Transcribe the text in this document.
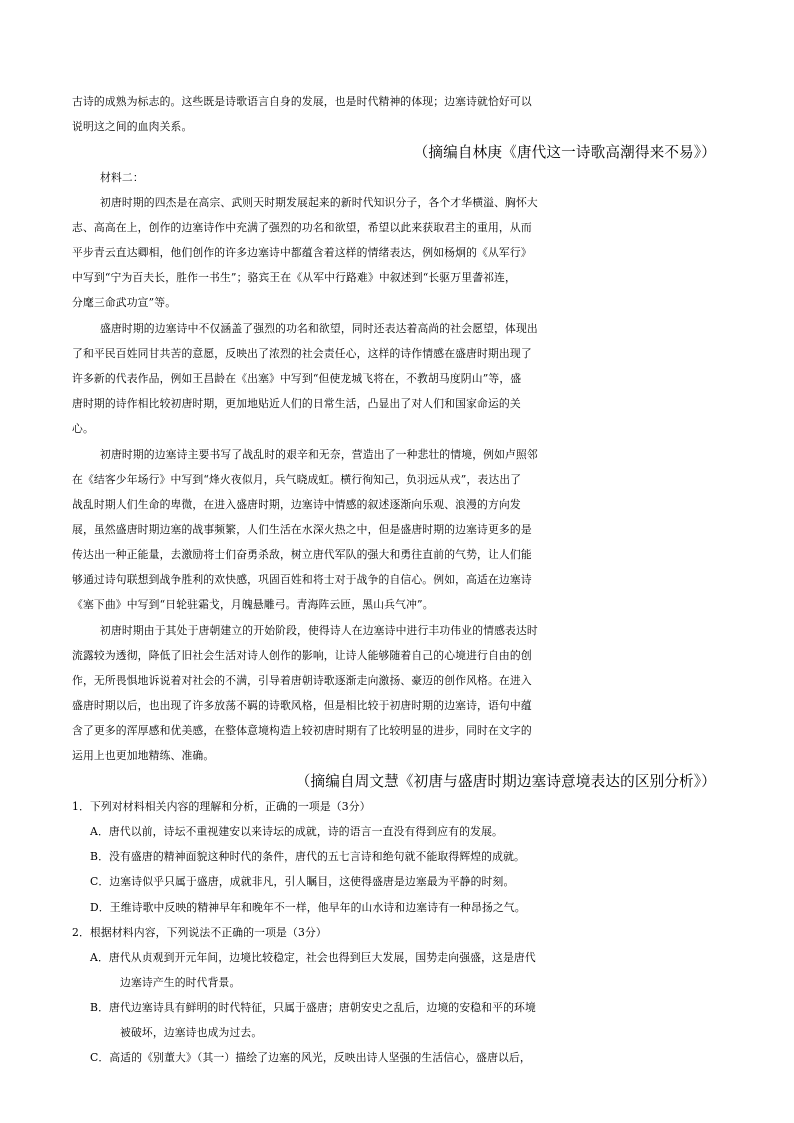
古诗的成熟为标志的。这些既是诗歌语言自身的发展，也是时代精神的体现；边塞诗就恰好可以
说明这之间的血肉关系。
（摘编自林庚《唐代这一诗歌高潮得来不易》）
材料二：
初唐时期的四杰是在高宗、武则天时期发展起来的新时代知识分子，各个才华横溢、胸怀大
志、高高在上，创作的边塞诗作中充满了强烈的功名和欲望，希望以此来获取君主的重用，从而
平步青云直达卿相，他们创作的许多边塞诗中都蕴含着这样的情绪表达，例如杨炯的《从军行》
中写到“宁为百夫长，胜作一书生”；骆宾王在《从军中行路难》中叙述到“长驱万里詟祁连，
分麾三命武功宣”等。
盛唐时期的边塞诗中不仅涵盖了强烈的功名和欲望，同时还表达着高尚的社会愿望，体现出
了和平民百姓同甘共苦的意愿，反映出了浓烈的社会责任心，这样的诗作情感在盛唐时期出现了
许多新的代表作品，例如王昌龄在《出塞》中写到“但使龙城飞将在，不教胡马度阴山”等，盛
唐时期的诗作相比较初唐时期，更加地贴近人们的日常生活，凸显出了对人们和国家命运的关
心。
初唐时期的边塞诗主要书写了战乱时的艰辛和无奈，营造出了一种悲壮的情境，例如卢照邻
在《结客少年场行》中写到“烽火夜似月，兵气晓成虹。横行徇知己，负羽远从戎”，表达出了
战乱时期人们生命的卑微，在进入盛唐时期，边塞诗中情感的叙述逐渐向乐观、浪漫的方向发
展，虽然盛唐时期边塞的战事频繁，人们生活在水深火热之中，但是盛唐时期的边塞诗更多的是
传达出一种正能量，去激励将士们奋勇杀敌，树立唐代军队的强大和勇往直前的气势，让人们能
够通过诗句联想到战争胜利的欢快感，巩固百姓和将士对于战争的自信心。例如，高适在边塞诗
《塞下曲》中写到“日轮驻霜戈，月魄悬雕弓。青海阵云匝，黑山兵气冲”。
初唐时期由于其处于唐朝建立的开始阶段，使得诗人在边塞诗中进行丰功伟业的情感表达时
流露较为透彻，降低了旧社会生活对诗人创作的影响，让诗人能够随着自己的心境进行自由的创
作，无所畏惧地诉说着对社会的不满，引导着唐朝诗歌逐渐走向激扬、豪迈的创作风格。在进入
盛唐时期以后，也出现了许多放荡不羁的诗歌风格，但是相比较于初唐时期的边塞诗，语句中蕴
含了更多的浑厚感和优美感，在整体意境构造上较初唐时期有了比较明显的进步，同时在文字的
运用上也更加地精练、准确。
（摘编自周文慧《初唐与盛唐时期边塞诗意境表达的区别分析》）
1．下列对材料相关内容的理解和分析，正确的一项是（3分）
A．唐代以前，诗坛不重视建安以来诗坛的成就，诗的语言一直没有得到应有的发展。
B．没有盛唐的精神面貌这种时代的条件，唐代的五七言诗和绝句就不能取得辉煌的成就。
C．边塞诗似乎只属于盛唐，成就非凡，引人瞩目，这使得盛唐是边塞最为平静的时刻。
D．王维诗歌中反映的精神早年和晚年不一样，他早年的山水诗和边塞诗有一种昂扬之气。
2．根据材料内容，下列说法不正确的一项是（3分）
A．唐代从贞观到开元年间，边境比较稳定，社会也得到巨大发展，国势走向强盛，这是唐代
边塞诗产生的时代背景。
B．唐代边塞诗具有鲜明的时代特征，只属于盛唐；唐朝安史之乱后，边境的安稳和平的环境
被破坏，边塞诗也成为过去。
C．高适的《别董大》（其一）描绘了边塞的风光，反映出诗人坚强的生活信心，盛唐以后，
